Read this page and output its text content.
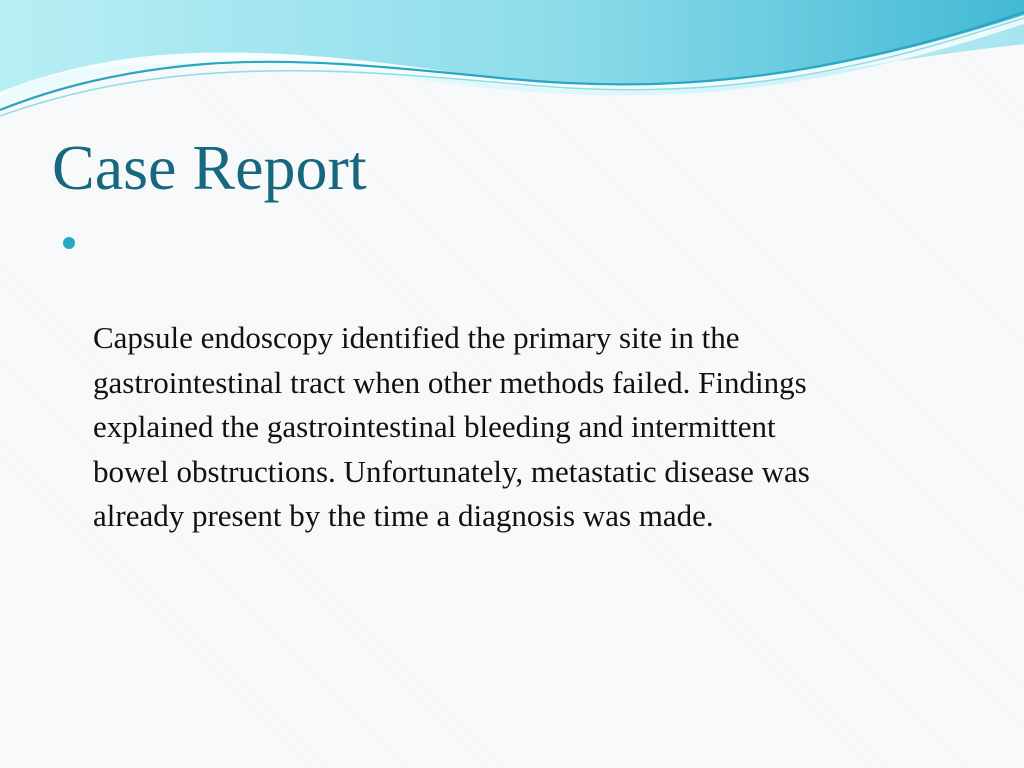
Case Report

Capsule endoscopy identified the primary site in the
gastrointestinal tract when other methods failed. Findings
explained the gastrointestinal bleeding and intermittent
bowel obstructions. Unfortunately, metastatic disease was
already present by the time a diagnosis was made.
